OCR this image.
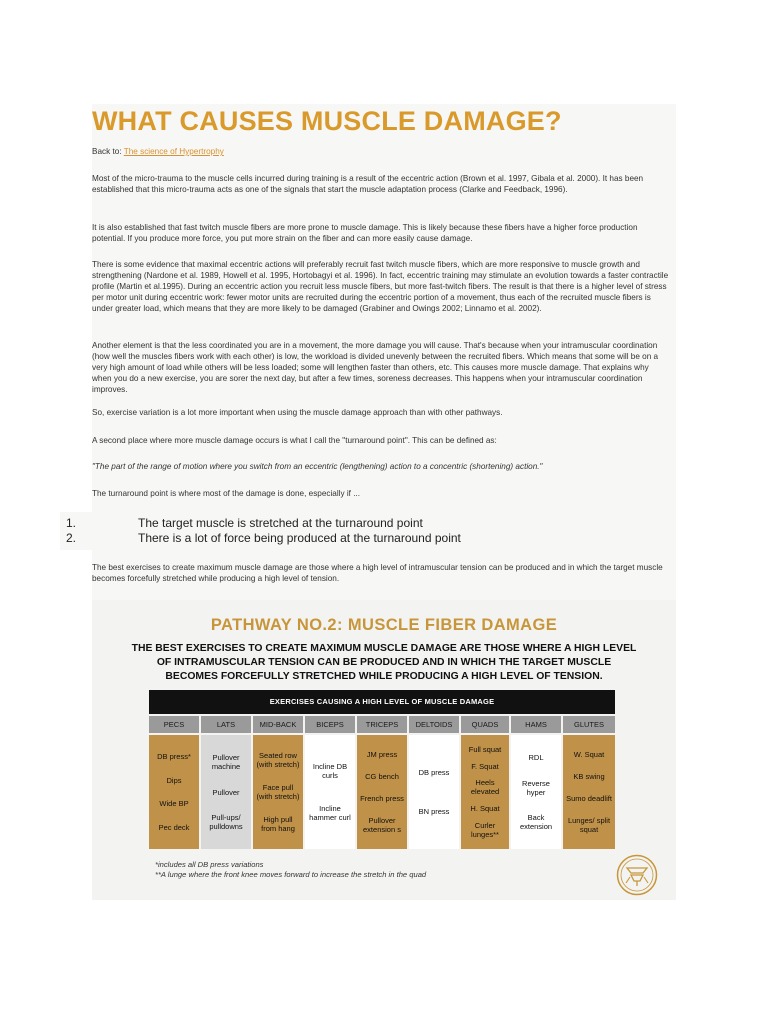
WHAT CAUSES MUSCLE DAMAGE?
Back to: The science of Hypertrophy

Most of the micro-trauma to the muscle cells incurred during training is a result of the eccentric action (Brown et al. 1997, Gibala et al. 2000). It has been established that this micro-trauma acts as one of the signals that start the muscle adaptation process (Clarke and Feedback, 1996).

It is also established that fast twitch muscle fibers are more prone to muscle damage. This is likely because these fibers have a higher force production potential. If you produce more force, you put more strain on the fiber and can more easily cause damage.

There is some evidence that maximal eccentric actions will preferably recruit fast twitch muscle fibers, which are more responsive to muscle growth and strengthening (Nardone et al. 1989, Howell et al. 1995, Hortobagyi et al. 1996). In fact, eccentric training may stimulate an evolution towards a faster contractile profile (Martin et al.1995). During an eccentric action you recruit less muscle fibers, but more fast-twitch fibers. The result is that there is a higher level of stress per motor unit during eccentric work: fewer motor units are recruited during the eccentric portion of a movement, thus each of the recruited muscle fibers is under greater load, which means that they are more likely to be damaged (Grabiner and Owings 2002; Linnamo et al. 2002).

Another element is that the less coordinated you are in a movement, the more damage you will cause. That's because when your intramuscular coordination (how well the muscles fibers work with each other) is low, the workload is divided unevenly between the recruited fibers. Which means that some will be on a very high amount of load while others will be less loaded; some will lengthen faster than others, etc. This causes more muscle damage. That explains why when you do a new exercise, you are sorer the next day, but after a few times, soreness decreases. This happens when your intramuscular coordination improves.

So, exercise variation is a lot more important when using the muscle damage approach than with other pathways.

A second place where more muscle damage occurs is what I call the "turnaround point". This can be defined as:

"The part of the range of motion where you switch from an eccentric (lengthening) action to a concentric (shortening) action."

The turnaround point is where most of the damage is done, especially if ...

1.	The target muscle is stretched at the turnaround point
2.	There is a lot of force being produced at the turnaround point

The best exercises to create maximum muscle damage are those where a high level of intramuscular tension can be produced and in which the target muscle becomes forcefully stretched while producing a high level of tension.

PATHWAY NO.2: MUSCLE FIBER DAMAGE
THE BEST EXERCISES TO CREATE MAXIMUM MUSCLE DAMAGE ARE THOSE WHERE A HIGH LEVEL OF INTRAMUSCULAR TENSION CAN BE PRODUCED AND IN WHICH THE TARGET MUSCLE BECOMES FORCEFULLY STRETCHED WHILE PRODUCING A HIGH LEVEL OF TENSION.
EXERCISES CAUSING A HIGH LEVEL OF MUSCLE DAMAGE
PECS
DB press*
Dips
Wide BP
Pec deck
LATS
Pullover machine
Pullover
Pull-ups/ pulldowns
MID-BACK
Seated row (with stretch)
Face pull (with stretch)
High pull from hang
BICEPS
Incline DB curls
Incline hammer curl
TRICEPS
JM press
CG bench
French press
Pullover extension s
DELTOIDS
DB press
BN press
QUADS
Full squat
F. Squat
Heels elevated
H. Squat
Curler lunges**
HAMS
RDL
Reverse hyper
Back extension
GLUTES
W. Squat
KB swing
Sumo deadlift
Lunges/ split squat
*includes all DB press variations
**A lunge where the front knee moves forward to increase the stretch in the quad
